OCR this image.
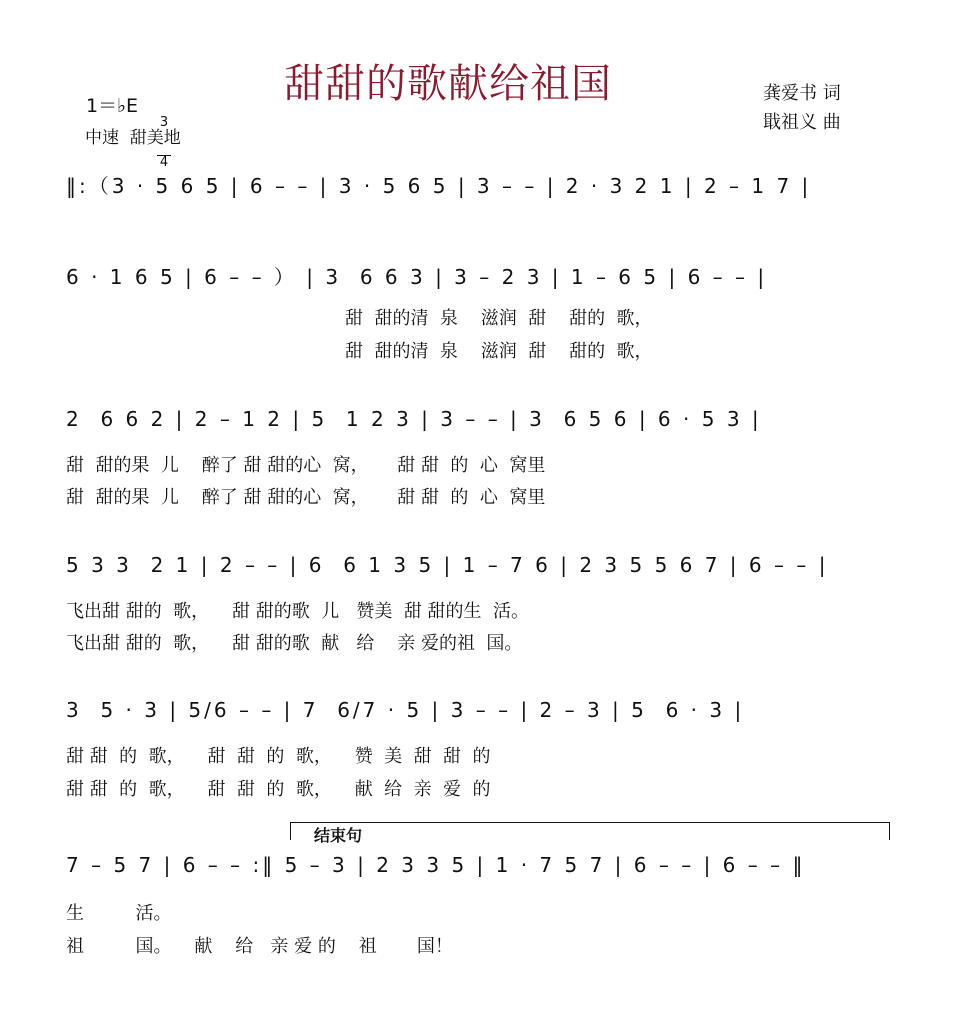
甜甜的歌献给祖国
1＝♭E

3

4

中速  甜美地
龚爱书 词
戢祖义 曲
‖:（3 · 5 6 5 | 6 – – | 3 · 5 6 5 | 3 – – | 2 · 3 2 1 | 2 – 1 7 |
6 · 1 6 5 | 6 – – ） | 3  6 6 3 | 3 – 2 3 | 1 – 6 5 | 6 – – |
甜  甜的清  泉    滋润  甜    甜的  歌，
甜  甜的清  泉    滋润  甜    甜的  歌，
2  6 6 2 | 2 – 1 2 | 5  1 2 3 | 3 – – | 3  6 5 6 | 6 · 5 3 |
甜  甜的果  儿    醉了 甜 甜的心  窝，     甜 甜  的  心  窝里
甜  甜的果  儿    醉了 甜 甜的心  窝，     甜 甜  的  心  窝里
5 3 3  2 1 | 2 – – | 6  6 1 3 5 | 1 – 7 6 | 2 3 5 5 6 7 | 6 – – |
飞出甜 甜的  歌，    甜 甜的歌  儿   赞美  甜 甜的生  活。
飞出甜 甜的  歌，    甜 甜的歌  献   给    亲 爱的祖  国。
3  5 · 3 | 5/6 – – | 7  6/7 · 5 | 3 – – | 2 – 3 | 5  6 · 3 |
甜 甜  的  歌，    甜  甜  的  歌，    赞  美  甜  甜  的
甜 甜  的  歌，    甜  甜  的  歌，    献  给  亲  爱  的
结束句
7 – 5 7 | 6 – – :‖ 5 – 3 | 2 3 3 5 | 1 · 7 5 7 | 6 – – | 6 – – ‖
生         活。
祖         国。    献    给   亲 爱 的    祖       国！
